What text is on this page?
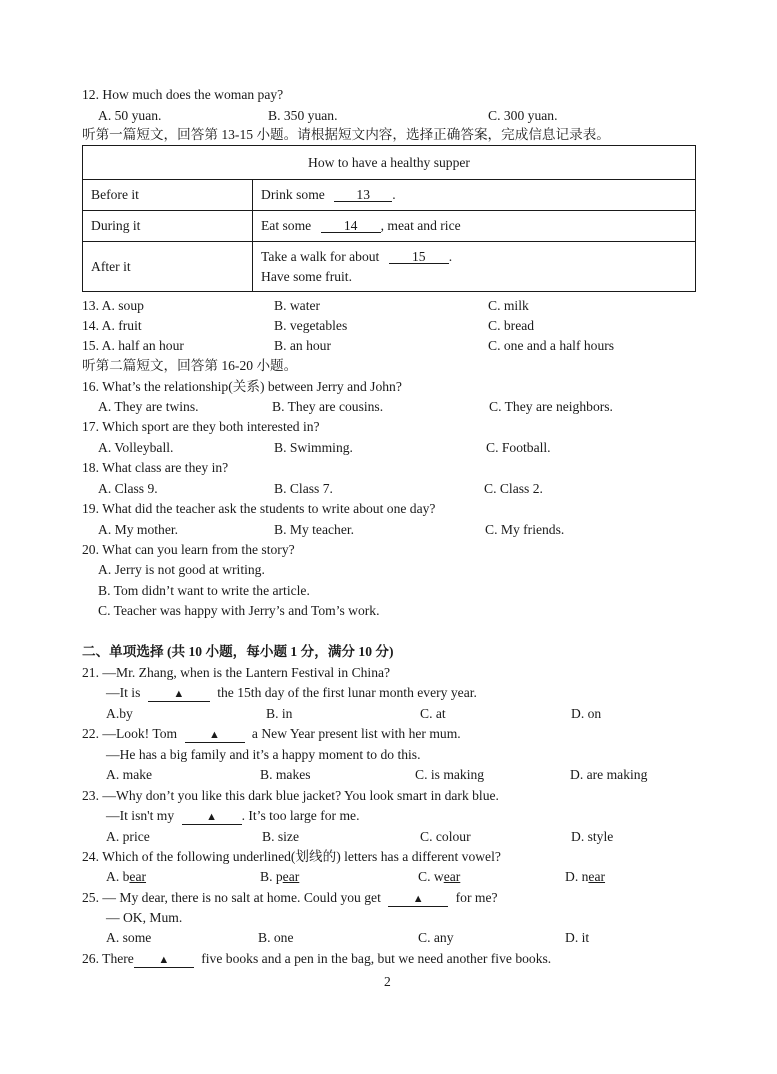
12. How much does the woman pay?
A. 50 yuan.	B. 350 yuan.	C. 300 yuan.
听第一篇短文，回答第 13-15 小题。请根据短文内容，选择正确答案，完成信息记录表。
How to have a healthy supper	
Before it	Drink some 13 .
During it	Eat some 14 , meat and rice
After it	Take a walk for about 15 .
Have some fruit.
13. A. soup	B. water	C. milk
14. A. fruit	B. vegetables	C. bread
15. A. half an hour	B. an hour	C. one and a half hours
听第二篇短文，回答第 16-20 小题。
16. What’s the relationship(关系) between Jerry and John?
A. They are twins.	B. They are cousins.	C. They are neighbors.
17. Which sport are they both interested in?
A. Volleyball.	B. Swimming.	C. Football.
18. What class are they in?
A. Class 9.	B. Class 7.	C. Class 2.
19. What did the teacher ask the students to write about one day?
A. My mother.	B. My teacher.	C. My friends.
20. What can you learn from the story?
A. Jerry is not good at writing.
B. Tom didn’t want to write the article.
C. Teacher was happy with Jerry’s and Tom’s work.
二、单项选择 (共 10 小题，每小题 1 分，满分 10 分)
21. —Mr. Zhang, when is the Lantern Festival in China?
—It is	▲ the 15th day of the first lunar month every year.
A.by	B. in	C. at	D. on
22. —Look! Tom	▲ a New Year present list with her mum.
—He has a big family and it’s a happy moment to do this.
A. make	B. makes	C. is making	D. are making
23. —Why don’t you like this dark blue jacket? You look smart in dark blue.
—It isn't my	▲ . It’s too large for me.
A. price	B. size	C. colour	D. style
24. Which of the following underlined(划线的) letters has a different vowel?
A. bear	B. pear	C. wear	D. near
25. — My dear, there is no salt at home. Could you get	▲ for me?
— OK, Mum.
A. some	B. one	C. any	D. it
26. There ▲ five books and a pen in the bag, but we need another five books.
2
